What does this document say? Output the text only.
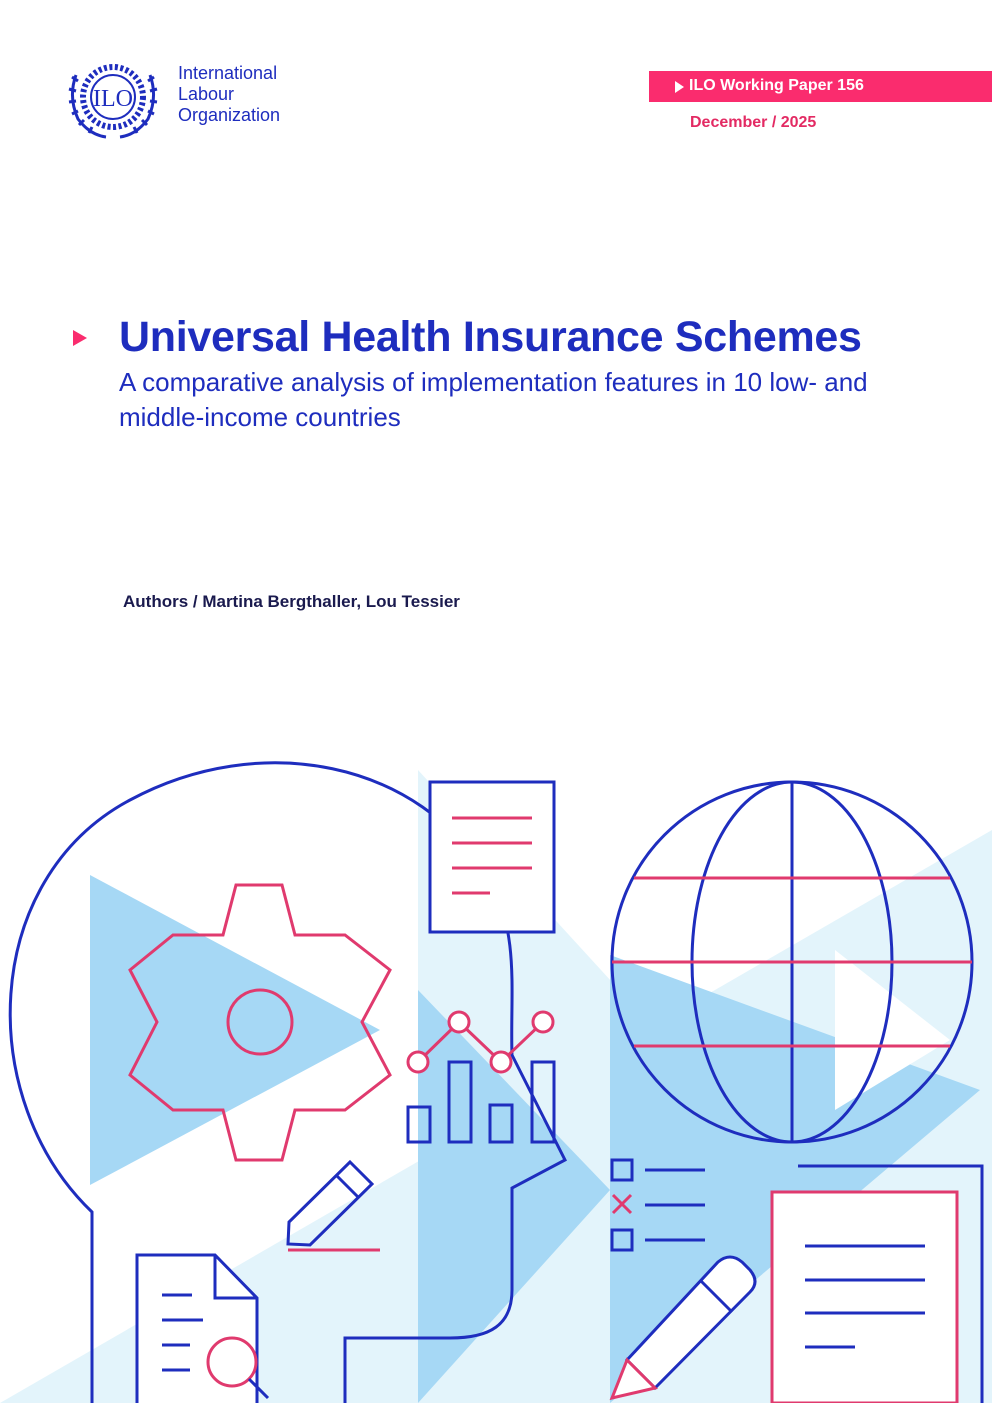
ILO
International
Labour
Organization
ILO Working Paper 156
December / 2025
Universal Health Insurance Schemes
A comparative analysis of implementation features in 10 low- and middle-income countries
Authors / Martina Bergthaller, Lou Tessier
